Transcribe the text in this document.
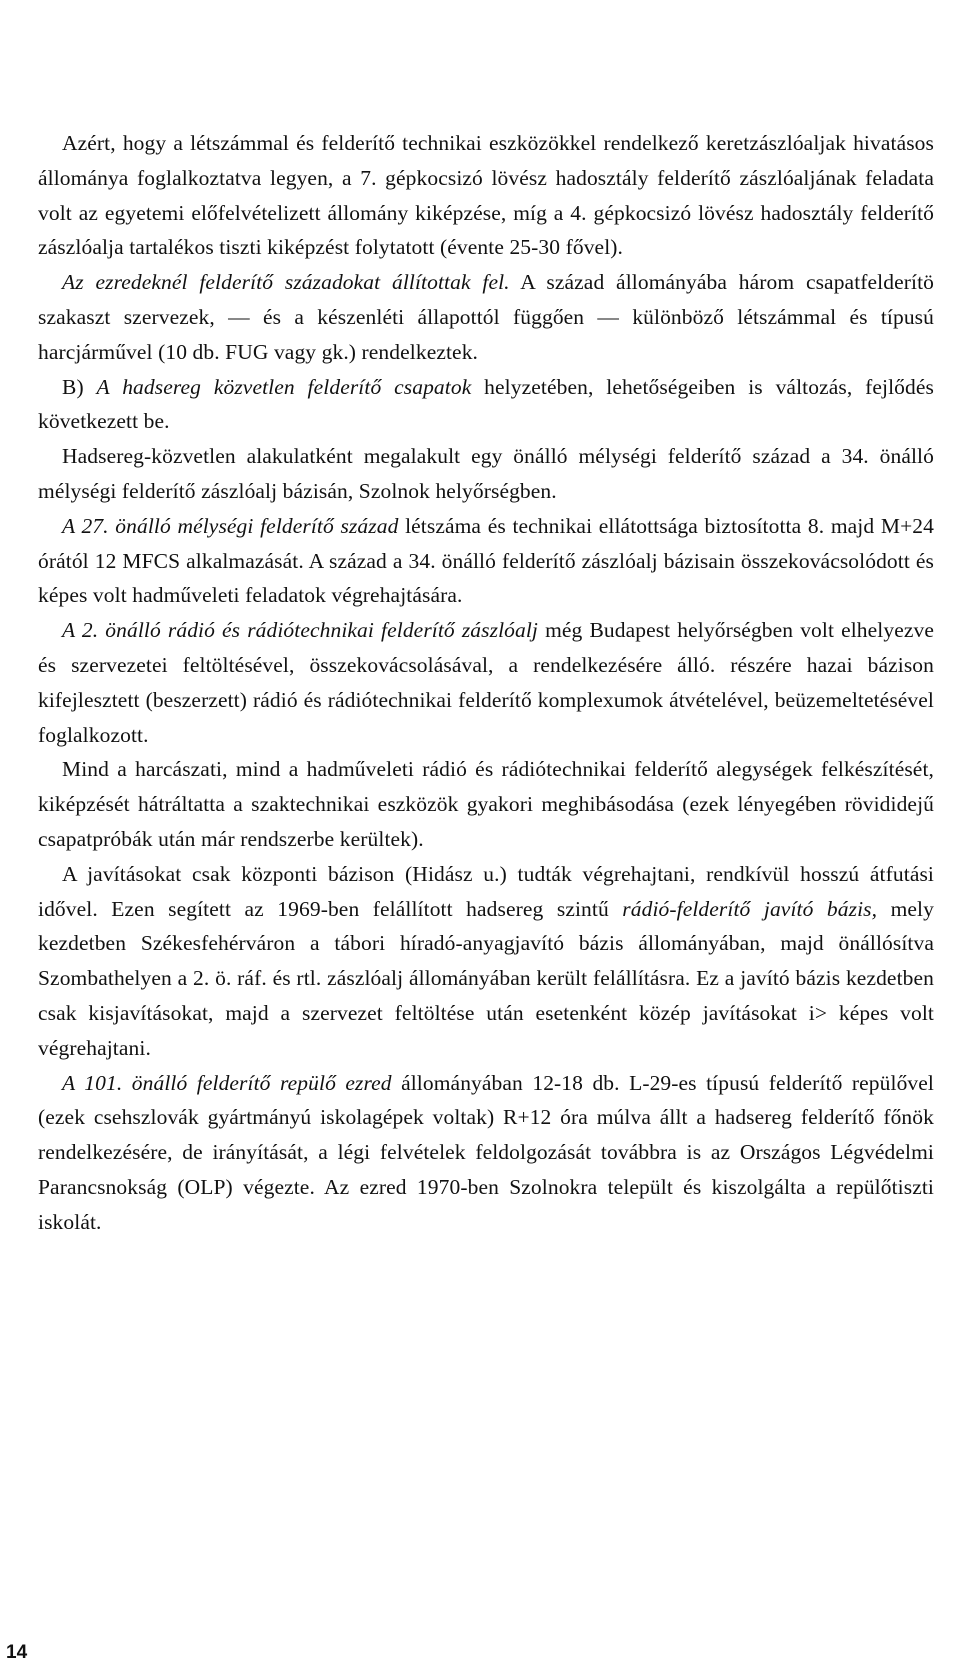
Azért, hogy a létszámmal és felderítő technikai eszközökkel rendelkező keretzászlóaljak hivatásos állománya foglalkoztatva legyen, a 7. gépkocsizó lövész hadosztály felderítő zászlóaljának feladata volt az egyetemi előfelvételizett állomány kiképzése, míg a 4. gépkocsizó lövész hadosztály felderítő zászlóalja tartalékos tiszti kiképzést folytatott (évente 25-30 fővel).

Az ezredeknél felderítő századokat állítottak fel. A század állományába három csapatfelderítö szakaszt szervezek, — és a készenléti állapottól függően — különböző létszámmal és típusú harcjárművel (10 db. FUG vagy gk.) rendelkeztek.

B) A hadsereg közvetlen felderítő csapatok helyzetében, lehetőségeiben is változás, fejlődés következett be.

Hadsereg-közvetlen alakulatként megalakult egy önálló mélységi felderítő század a 34. önálló mélységi felderítő zászlóalj bázisán, Szolnok helyőrségben.

A 27. önálló mélységi felderítő század létszáma és technikai ellátottsága biztosította 8. majd M+24 órától 12 MFCS alkalmazását. A század a 34. önálló felderítő zászlóalj bázisain összekovácsolódott és képes volt hadműveleti feladatok végrehajtására.

A 2. önálló rádió és rádiótechnikai felderítő zászlóalj még Budapest helyőrségben volt elhelyezve és szervezetei feltöltésével, összekovácsolásával, a rendelkezésére álló. részére hazai bázison kifejlesztett (beszerzett) rádió és rádiótechnikai felderítő komplexumok átvételével, beüzemeltetésével foglalkozott.

Mind a harcászati, mind a hadműveleti rádió és rádiótechnikai felderítő alegységek felkészítését, kiképzését hátráltatta a szaktechnikai eszközök gyakori meghibásodása (ezek lényegében rövididejű csapatpróbák után már rendszerbe kerültek).

A javításokat csak központi bázison (Hidász u.) tudták végrehajtani, rendkívül hosszú átfutási idővel. Ezen segített az 1969-ben felállított hadsereg szintű rádió-felderítő javító bázis, mely kezdetben Székesfehérváron a tábori híradó-anyagjavító bázis állományában, majd önállósítva Szombathelyen a 2. ö. ráf. és rtl. zászlóalj állományában került felállításra. Ez a javító bázis kezdetben csak kisjavításokat, majd a szervezet feltöltése után esetenként közép javításokat i> képes volt végrehajtani.

A 101. önálló felderítő repülő ezred állományában 12-18 db. L-29-es típusú felderítő repülővel (ezek csehszlovák gyártmányú iskolagépek voltak) R+12 óra múlva állt a hadsereg felderítő főnök rendelkezésére, de irányítását, a légi felvételek feldolgozását továbbra is az Országos Légvédelmi Parancsnokság (OLP) végezte. Az ezred 1970-ben Szolnokra települt és kiszolgálta a repülőtiszti iskolát.

14
